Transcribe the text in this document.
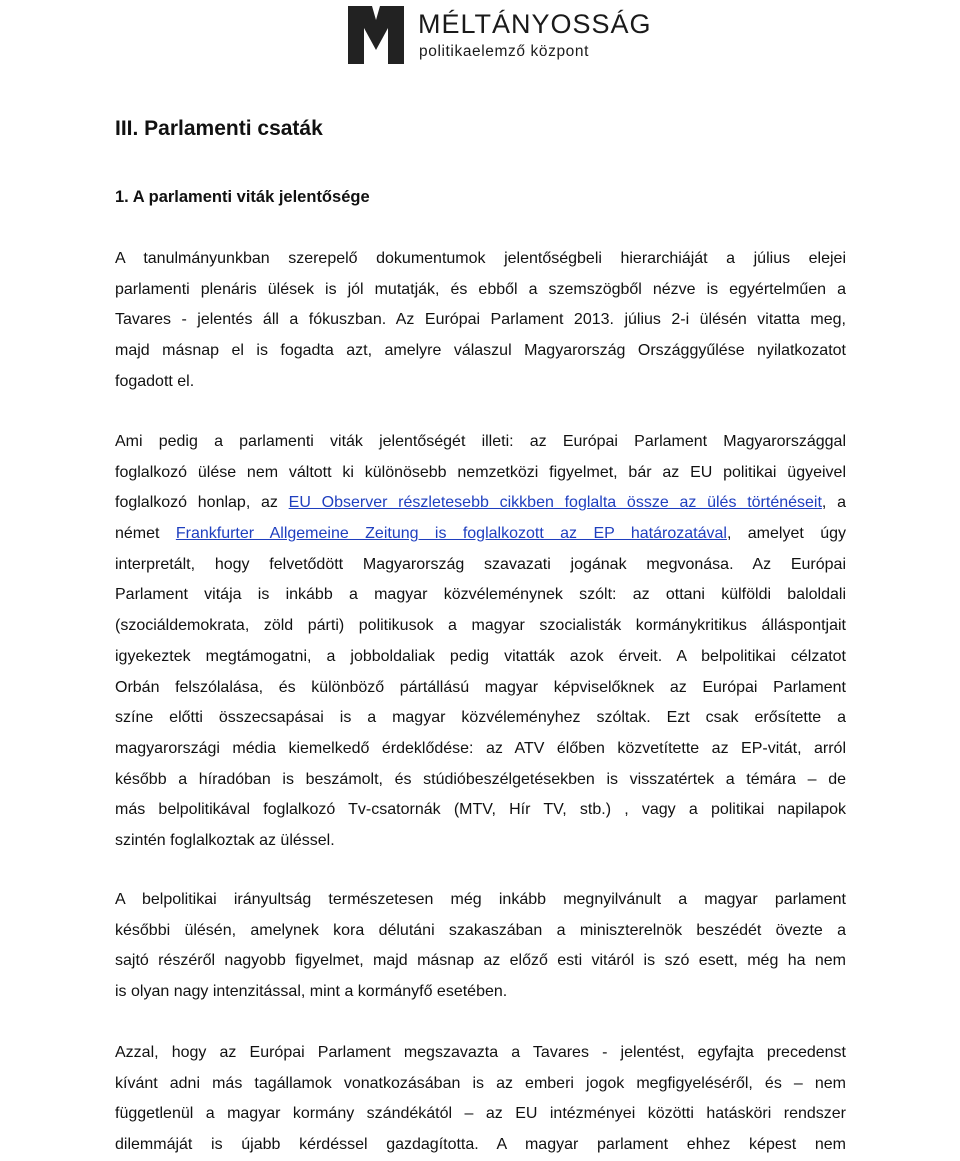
MÉLTÁNYOSSÁG
politikaelemző központ
III. Parlamenti csaták
1. A parlamenti viták jelentősége
A tanulmányunkban szerepelő dokumentumok jelentőségbeli hierarchiáját a július elejei
parlamenti plenáris ülések is jól mutatják, és ebből a szemszögből nézve is egyértelműen a
Tavares - jelentés áll a fókuszban. Az Európai Parlament 2013. július 2-i ülésén vitatta meg,
majd másnap el is fogadta azt, amelyre válaszul Magyarország Országgyűlése nyilatkozatot
fogadott el.
Ami pedig a parlamenti viták jelentőségét illeti: az Európai Parlament Magyarországgal
foglalkozó ülése nem váltott ki különösebb nemzetközi figyelmet, bár az EU politikai ügyeivel
foglalkozó honlap, az EU Observer részletesebb cikkben foglalta össze az ülés történéseit, a
német Frankfurter Allgemeine Zeitung is foglalkozott az EP határozatával, amelyet úgy
interpretált, hogy felvetődött Magyarország szavazati jogának megvonása. Az Európai
Parlament vitája is inkább a magyar közvéleménynek szólt: az ottani külföldi baloldali
(szociáldemokrata, zöld párti) politikusok a magyar szocialisták kormánykritikus álláspontjait
igyekeztek megtámogatni, a jobboldaliak pedig vitatták azok érveit. A belpolitikai célzatot
Orbán felszólalása, és különböző pártállású magyar képviselőknek az Európai Parlament
színe előtti összecsapásai is a magyar közvéleményhez szóltak. Ezt csak erősítette a
magyarországi média kiemelkedő érdeklődése: az ATV élőben közvetítette az EP-vitát, arról
később a híradóban is beszámolt, és stúdióbeszélgetésekben is visszatértek a témára – de
más belpolitikával foglalkozó Tv-csatornák (MTV, Hír TV, stb.) , vagy a politikai napilapok
szintén foglalkoztak az üléssel.
A belpolitikai irányultság természetesen még inkább megnyilvánult a magyar parlament
későbbi ülésén, amelynek kora délutáni szakaszában a miniszterelnök beszédét övezte a
sajtó részéről nagyobb figyelmet, majd másnap az előző esti vitáról is szó esett, még ha nem
is olyan nagy intenzitással, mint a kormányfő esetében.
Azzal, hogy az Európai Parlament megszavazta a Tavares - jelentést, egyfajta precedenst
kívánt adni más tagállamok vonatkozásában is az emberi jogok megfigyeléséről, és – nem
függetlenül a magyar kormány szándékától – az EU intézményei közötti hatásköri rendszer
dilemmáját is újabb kérdéssel gazdagította. A magyar parlament ehhez képest nem
